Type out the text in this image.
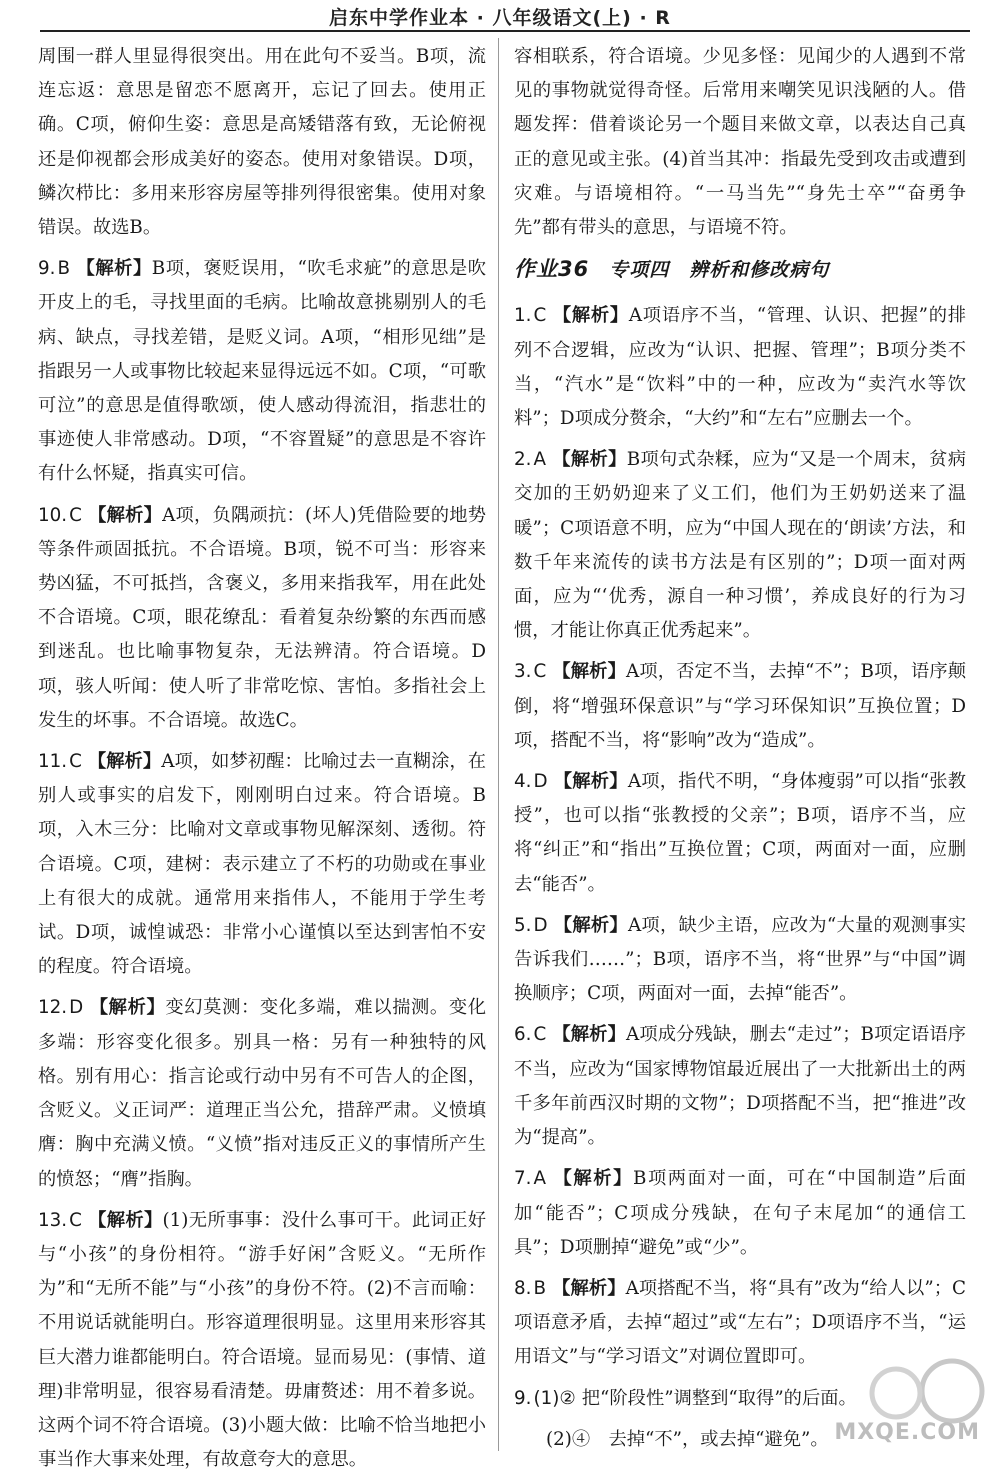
启东中学作业本 · 八年级语文(上) · R
周围一群人里显得很突出。用在此句不妥当。B项，流连忘返：意思是留恋不愿离开，忘记了回去。使用正确。C项，俯仰生姿：意思是高矮错落有致，无论俯视还是仰视都会形成美好的姿态。使用对象错误。D项，鳞次栉比：多用来形容房屋等排列得很密集。使用对象错误。故选B。
9. B 【解析】B项，褒贬误用，“吹毛求疵”的意思是吹开皮上的毛，寻找里面的毛病。比喻故意挑剔别人的毛病、缺点，寻找差错，是贬义词。A项，“相形见绌”是指跟另一人或事物比较起来显得远远不如。C项，“可歌可泣”的意思是值得歌颂，使人感动得流泪，指悲壮的事迹使人非常感动。D项，“不容置疑”的意思是不容许有什么怀疑，指真实可信。
10. C 【解析】A项，负隅顽抗：(坏人)凭借险要的地势等条件顽固抵抗。不合语境。B项，锐不可当：形容来势凶猛，不可抵挡，含褒义，多用来指我军，用在此处不合语境。C项，眼花缭乱：看着复杂纷繁的东西而感到迷乱。也比喻事物复杂，无法辨清。符合语境。D项，骇人听闻：使人听了非常吃惊、害怕。多指社会上发生的坏事。不合语境。故选C。
11. C 【解析】A项，如梦初醒：比喻过去一直糊涂，在别人或事实的启发下，刚刚明白过来。符合语境。B项，入木三分：比喻对文章或事物见解深刻、透彻。符合语境。C项，建树：表示建立了不朽的功勋或在事业上有很大的成就。通常用来指伟人，不能用于学生考试。D项，诚惶诚恐：非常小心谨慎以至达到害怕不安的程度。符合语境。
12. D 【解析】变幻莫测：变化多端，难以揣测。变化多端：形容变化很多。别具一格：另有一种独特的风格。别有用心：指言论或行动中另有不可告人的企图，含贬义。义正词严：道理正当公允，措辞严肃。义愤填膺：胸中充满义愤。“义愤”指对违反正义的事情所产生的愤怒；“膺”指胸。
13. C 【解析】(1)无所事事：没什么事可干。此词正好与“小孩”的身份相符。“游手好闲”含贬义。“无所作为”和“无所不能”与“小孩”的身份不符。(2)不言而喻：不用说话就能明白。形容道理很明显。这里用来形容其巨大潜力谁都能明白。符合语境。显而易见：(事情、道理)非常明显，很容易看清楚。毋庸赘述：用不着多说。这两个词不符合语境。(3)小题大做：比喻不恰当地把小事当作大事来处理，有故意夸大的意思。
容相联系，符合语境。少见多怪：见闻少的人遇到不常见的事物就觉得奇怪。后常用来嘲笑见识浅陋的人。借题发挥：借着谈论另一个题目来做文章，以表达自己真正的意见或主张。(4)首当其冲：指最先受到攻击或遭到灾难。与语境相符。“一马当先”“身先士卒”“奋勇争先”都有带头的意思，与语境不符。
作业36　 专项四　 辨析和修改病句
1. C 【解析】A项语序不当，“管理、认识、把握”的排列不合逻辑，应改为“认识、把握、管理”；B项分类不当，“汽水”是“饮料”中的一种，应改为“卖汽水等饮料”；D项成分赘余，“大约”和“左右”应删去一个。
2. A 【解析】B项句式杂糅，应为“又是一个周末，贫病交加的王奶奶迎来了义工们，他们为王奶奶送来了温暖”；C项语意不明，应为“中国人现在的‘朗读’方法，和数千年来流传的读书方法是有区别的”；D项一面对两面，应为“‘优秀，源自一种习惯’，养成良好的行为习惯，才能让你真正优秀起来”。
3. C 【解析】A项，否定不当，去掉“不”；B项，语序颠倒，将“增强环保意识”与“学习环保知识”互换位置；D项，搭配不当，将“影响”改为“造成”。
4. D 【解析】A项，指代不明，“身体瘦弱”可以指“张教授”，也可以指“张教授的父亲”；B项，语序不当，应将“纠正”和“指出”互换位置；C项，两面对一面，应删去“能否”。
5. D 【解析】A项，缺少主语，应改为“大量的观测事实告诉我们……”；B项，语序不当，将“世界”与“中国”调换顺序；C项，两面对一面，去掉“能否”。
6. C 【解析】A项成分残缺，删去“走过”；B项定语语序不当，应改为“国家博物馆最近展出了一大批新出土的两千多年前西汉时期的文物”；D项搭配不当，把“推进”改为“提高”。
7. A 【解析】B项两面对一面，可在“中国制造”后面加“能否”；C项成分残缺，在句子末尾加“的通信工具”；D项删掉“避免”或“少”。
8. B 【解析】A项搭配不当，将“具有”改为“给人以”；C项语意矛盾，去掉“超过”或“左右”；D项语序不当，“运用语文”与“学习语文”对调位置即可。
9. (1)② 把“阶段性”调整到“取得”的后面。
(2)④　去掉“不”，或去掉“避免”。 MXQE.COM
